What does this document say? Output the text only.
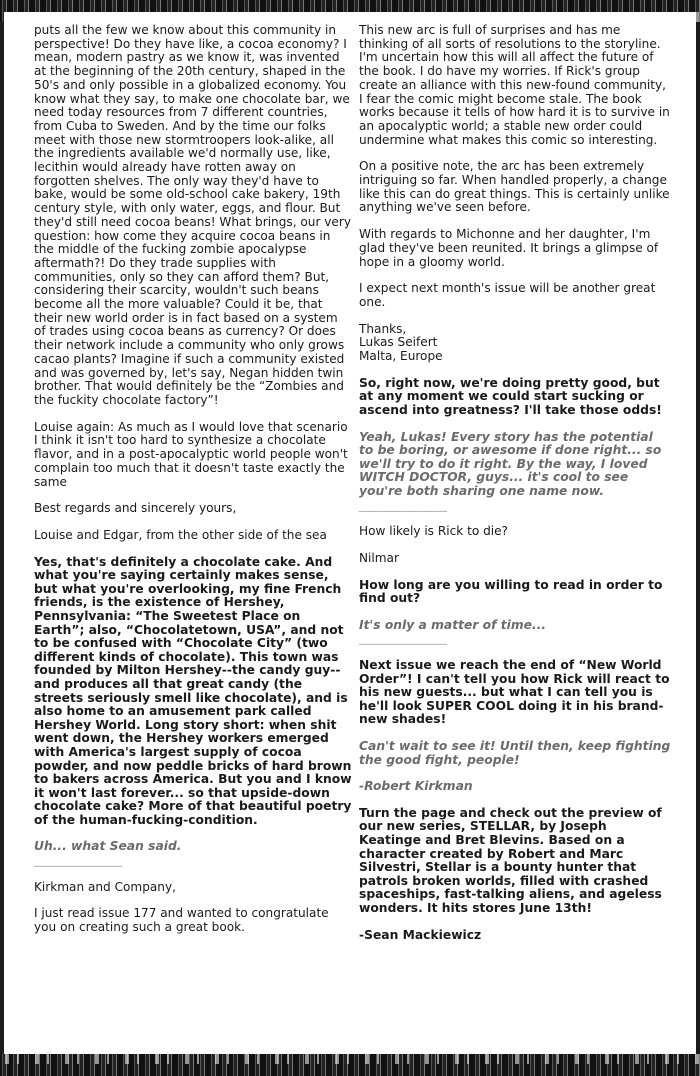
puts all the few we know about this community in perspective! Do they have like, a cocoa economy? I mean, modern pastry as we know it, was invented at the beginning of the 20th century, shaped in the 50's and only possible in a globalized economy. You know what they say, to make one chocolate bar, we need today resources from 7 different countries, from Cuba to Sweden. And by the time our folks meet with those new stormtroopers look-alike, all the ingredients available we'd normally use, like, lecithin would already have rotten away on forgotten shelves. The only way they'd have to bake, would be some old-school cake bakery, 19th century style, with only water, eggs, and flour. But they'd still need cocoa beans! What brings, our very question: how come they acquire cocoa beans in the middle of the fucking zombie apocalypse aftermath?! Do they trade supplies with communities, only so they can afford them? But, considering their scarcity, wouldn't such beans become all the more valuable? Could it be, that their new world order is in fact based on a system of trades using cocoa beans as currency? Or does their network include a community who only grows cacao plants? Imagine if such a community existed and was governed by, let's say, Negan hidden twin brother. That would definitely be the “Zombies and the fuckity chocolate factory”!

Louise again: As much as I would love that scenario I think it isn't too hard to synthesize a chocolate flavor, and in a post-apocalyptic world people won't complain too much that it doesn't taste exactly the same

Best regards and sincerely yours,

Louise and Edgar, from the other side of the sea

Yes, that's definitely a chocolate cake. And what you're saying certainly makes sense, but what you're overlooking, my fine French friends, is the existence of Hershey, Pennsylvania: “The Sweetest Place on Earth”; also, “Chocolatetown, USA”, and not to be confused with “Chocolate City” (two different kinds of chocolate). This town was founded by Milton Hershey--the candy guy--and produces all that great candy (the streets seriously smell like chocolate), and is also home to an amusement park called Hershey World. Long story short: when shit went down, the Hershey workers emerged with America's largest supply of cocoa powder, and now peddle bricks of hard brown to bakers across America. But you and I know it won't last forever... so that upside-down chocolate cake? More of that beautiful poetry of the human-fucking-condition.

Uh... what Sean said.

________________

Kirkman and Company,

I just read issue 177 and wanted to congratulate you on creating such a great book.

This new arc is full of surprises and has me thinking of all sorts of resolutions to the storyline. I'm uncertain how this will all affect the future of the book. I do have my worries. If Rick's group create an alliance with this new-found community, I fear the comic might become stale. The book works because it tells of how hard it is to survive in an apocalyptic world; a stable new order could undermine what makes this comic so interesting.

On a positive note, the arc has been extremely intriguing so far. When handled properly, a change like this can do great things. This is certainly unlike anything we've seen before.

With regards to Michonne and her daughter, I'm glad they've been reunited. It brings a glimpse of hope in a gloomy world.

I expect next month's issue will be another great one.

Thanks,
Lukas Seifert
Malta, Europe

So, right now, we're doing pretty good, but at any moment we could start sucking or ascend into greatness? I'll take those odds!

Yeah, Lukas! Every story has the potential to be boring, or awesome if done right... so we'll try to do it right. By the way, I loved WITCH DOCTOR, guys... it's cool to see you're both sharing one name now.

________________

How likely is Rick to die?

Nilmar

How long are you willing to read in order to find out?

It's only a matter of time...

________________

Next issue we reach the end of “New World Order”! I can't tell you how Rick will react to his new guests... but what I can tell you is he'll look SUPER COOL doing it in his brand-new shades!

Can't wait to see it! Until then, keep fighting the good fight, people!

-Robert Kirkman

Turn the page and check out the preview of our new series, STELLAR, by Joseph Keatinge and Bret Blevins. Based on a character created by Robert and Marc Silvestri, Stellar is a bounty hunter that patrols broken worlds, filled with crashed spaceships, fast-talking aliens, and ageless wonders. It hits stores June 13th!

-Sean Mackiewicz
